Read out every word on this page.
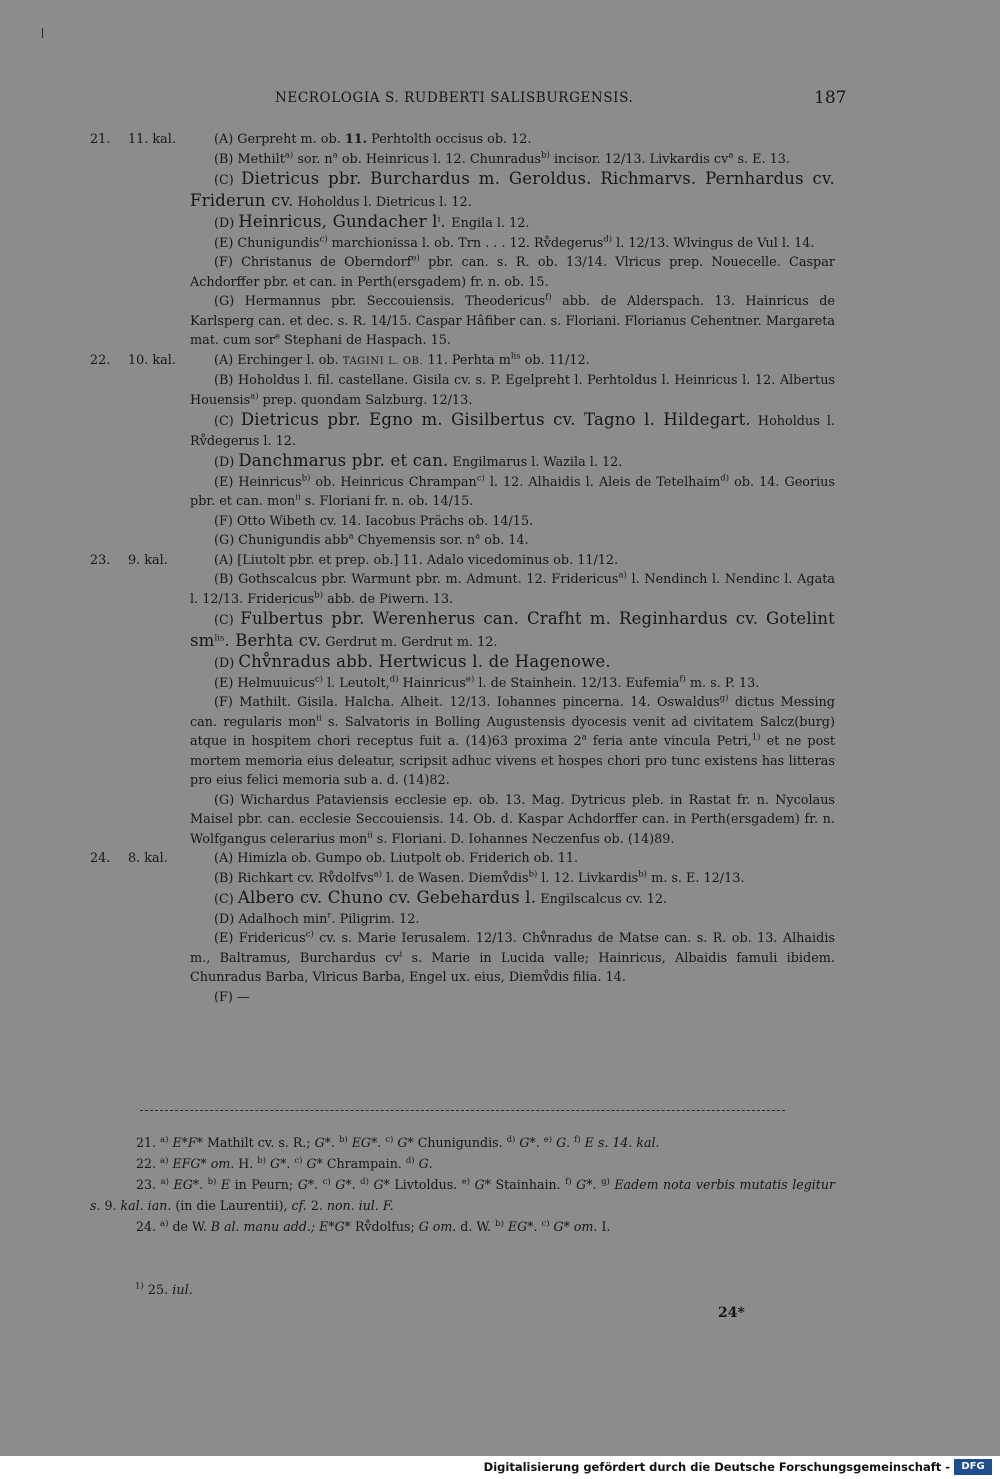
NECROLOGIA S. RUDBERTI SALISBURGENSIS.	187
21. 11. kal.	(A) Gerpreht m. ob. 11. Perhtolth occisus ob. 12.
(B) Methilt$^{a)}$ sor. $n^a$ ob. Heinricus l. 12. Chunradus$^{b)}$ incisor. 12/13. Livkardis $cv^a$ s. E. 13.
(C) Dietricus pbr. Burchardus m. Geroldus. Richmarvs. Pernhardus cv. Friderun cv. Hoholdus l. Dietricus l. 12.
(D) Heinricus, Gundacher $l^i$. Engila l. 12.
(E) Chunigundis$^{c)}$ marchionissa l. ob. Trn . . . 12. Rv̊degerus$^{d)}$ l. 12/13. Wlvingus de Vul l. 14.
(F) Christanus de Oberndorf$^{e)}$ pbr. can. s. R. ob. 13/14. Vlricus prep. Nouecelle. Caspar Achdorffer pbr. et can. in Perth(ersgadem) fr. n. ob. 15.
(G) Hermannus pbr. Seccouiensis. Theodericus$^{f)}$ abb. de Alderspach. 13. Hainricus de Karlsperg can. et dec. s. R. 14/15. Caspar Hâfiber can. s. Floriani. Florianus Cehentner. Margareta mat. cum sor$^e$ Stephani de Haspach. 15.
22. 10. kal.	(A) Erchinger l. ob. TAGINI L. OB. 11. Perhta $m^{lis}$ ob. 11/12.
(B) Hoholdus l. fil. castellane. Gisila cv. s. P. Egelpreht l. Perhtoldus l. Heinricus l. 12. Albertus Houensis$^{a)}$ prep. quondam Salzburg. 12/13.
(C) Dietricus pbr. Egno m. Gisilbertus cv. Tagno l. Hildegart. Hoholdus l. Rv̊degerus l. 12.
(D) Danchmarus pbr. et can. Engilmarus l. Wazila l. 12.
(E) Heinricus$^{b)}$ ob. Heinricus Chrampan$^{c)}$ l. 12. Alhaidis l. Aleis de Tetelhaim$^{d)}$ ob. 14. Georius pbr. et can. mon$^{ii}$ s. Floriani fr. n. ob. 14/15.
(F) Otto Wibeth cv. 14. Iacobus Prächs ob. 14/15.
(G) Chunigundis abb$^a$ Chyemensis sor. $n^a$ ob. 14.
23. 9. kal.	(A) [Liutolt pbr. et prep. ob.] 11. Adalo vicedominus ob. 11/12.
(B) Gothscalcus pbr. Warmunt pbr. m. Admunt. 12. Fridericus$^{a)}$ l. Nendinch l. Nendinc l. Agata l. 12/13. Fridericus$^{b)}$ abb. de Piwern. 13.
(C) Fulbertus pbr. Werenherus can. Crafht m. Reginhardus cv. Gotelint $sm^{lis}$. Berhta cv. Gerdrut m. Gerdrut m. 12.
(D) Chv̊nradus abb. Hertwicus l. de Hagenowe.
(E) Helmuuicus$^{c)}$ l. Leutolt,$^{d)}$ Hainricus$^{e)}$ l. de Stainhein. 12/13. Eufemia$^{f)}$ m. s. P. 13.
(F) Mathilt. Gisila. Halcha. Alheit. 12/13. Iohannes pincerna. 14. Oswaldus$^{g)}$ dictus Messing can. regularis mon$^{ii}$ s. Salvatoris in Bolling Augustensis dyocesis venit ad civitatem Salcz(burg) atque in hospitem chori receptus fuit a. (14)63 proxima 2$^a$ feria ante vincula Petri,$^{1)}$ et ne post mortem memoria eius deleatur, scripsit adhuc vivens et hospes chori pro tunc existens has litteras pro eius felici memoria sub a. d. (14)82.
(G) Wichardus Pataviensis ecclesie ep. ob. 13. Mag. Dytricus pleb. in Rastat fr. n. Nycolaus Maisel pbr. can. ecclesie Seccouiensis. 14. Ob. d. Kaspar Achdorffer can. in Perth(ersgadem) fr. n. Wolfgangus celerarius mon$^{ii}$ s. Floriani. D. Iohannes Neczenfus ob. (14)89.
24. 8. kal.	(A) Himizla ob. Gumpo ob. Liutpolt ob. Friderich ob. 11.
(B) Richkart cv. Rv̊dolfvs$^{a)}$ l. de Wasen. Diemv̊dis$^{b)}$ l. 12. Livkardis$^{b)}$ m. s. E. 12/13.
(C) Albero cv. Chuno cv. Gebehardus l. Engilscalcus cv. 12.
(D) Adalhoch $\min^r$. Piligrim. 12.
(E) Fridericus$^{c)}$ cv. s. Marie Ierusalem. 12/13. Chv̊nradus de Matse can. s. R. ob. 13. Alhaidis m., Baltramus, Burchardus $cv^i$ s. Marie in Lucida valle; Hainricus, Albaidis famuli ibidem. Chunradus Barba, Vlricus Barba, Engel ux. eius, Diemv̊dis filia. 14.
(F) —
21. $^{a)}$ E*F* Mathilt cv. s. R.; G*. $^{b)}$ EG*. $^{c)}$ G* Chunigundis. $^{d)}$ G*. $^{e)}$ G. $^{f)}$ E s. 14. kal.
22. $^{a)}$ EFG* om. H. $^{b)}$ G*. $^{c)}$ G* Chrampain. $^{d)}$ G.
23. $^{a)}$ EG*. $^{b)}$ E in Peurn; G*. $^{c)}$ G*. $^{d)}$ G* Livtoldus. $^{e)}$ G* Stainhain. $^{f)}$ G*. $^{g)}$ Eadem nota verbis mutatis legitur s. 9. kal. ian. (in die Laurentii), cf. 2. non. iul. F.
24. $^{a)}$ de W. B al. manu add.; E*G* Rv̊dolfus; G om. d. W. $^{b)}$ EG*. $^{c)}$ G* om. I.
$^{1)}$ 25. iul.
24*
Digitalisierung gefördert durch die Deutsche Forschungsgemeinschaft -	DFG
